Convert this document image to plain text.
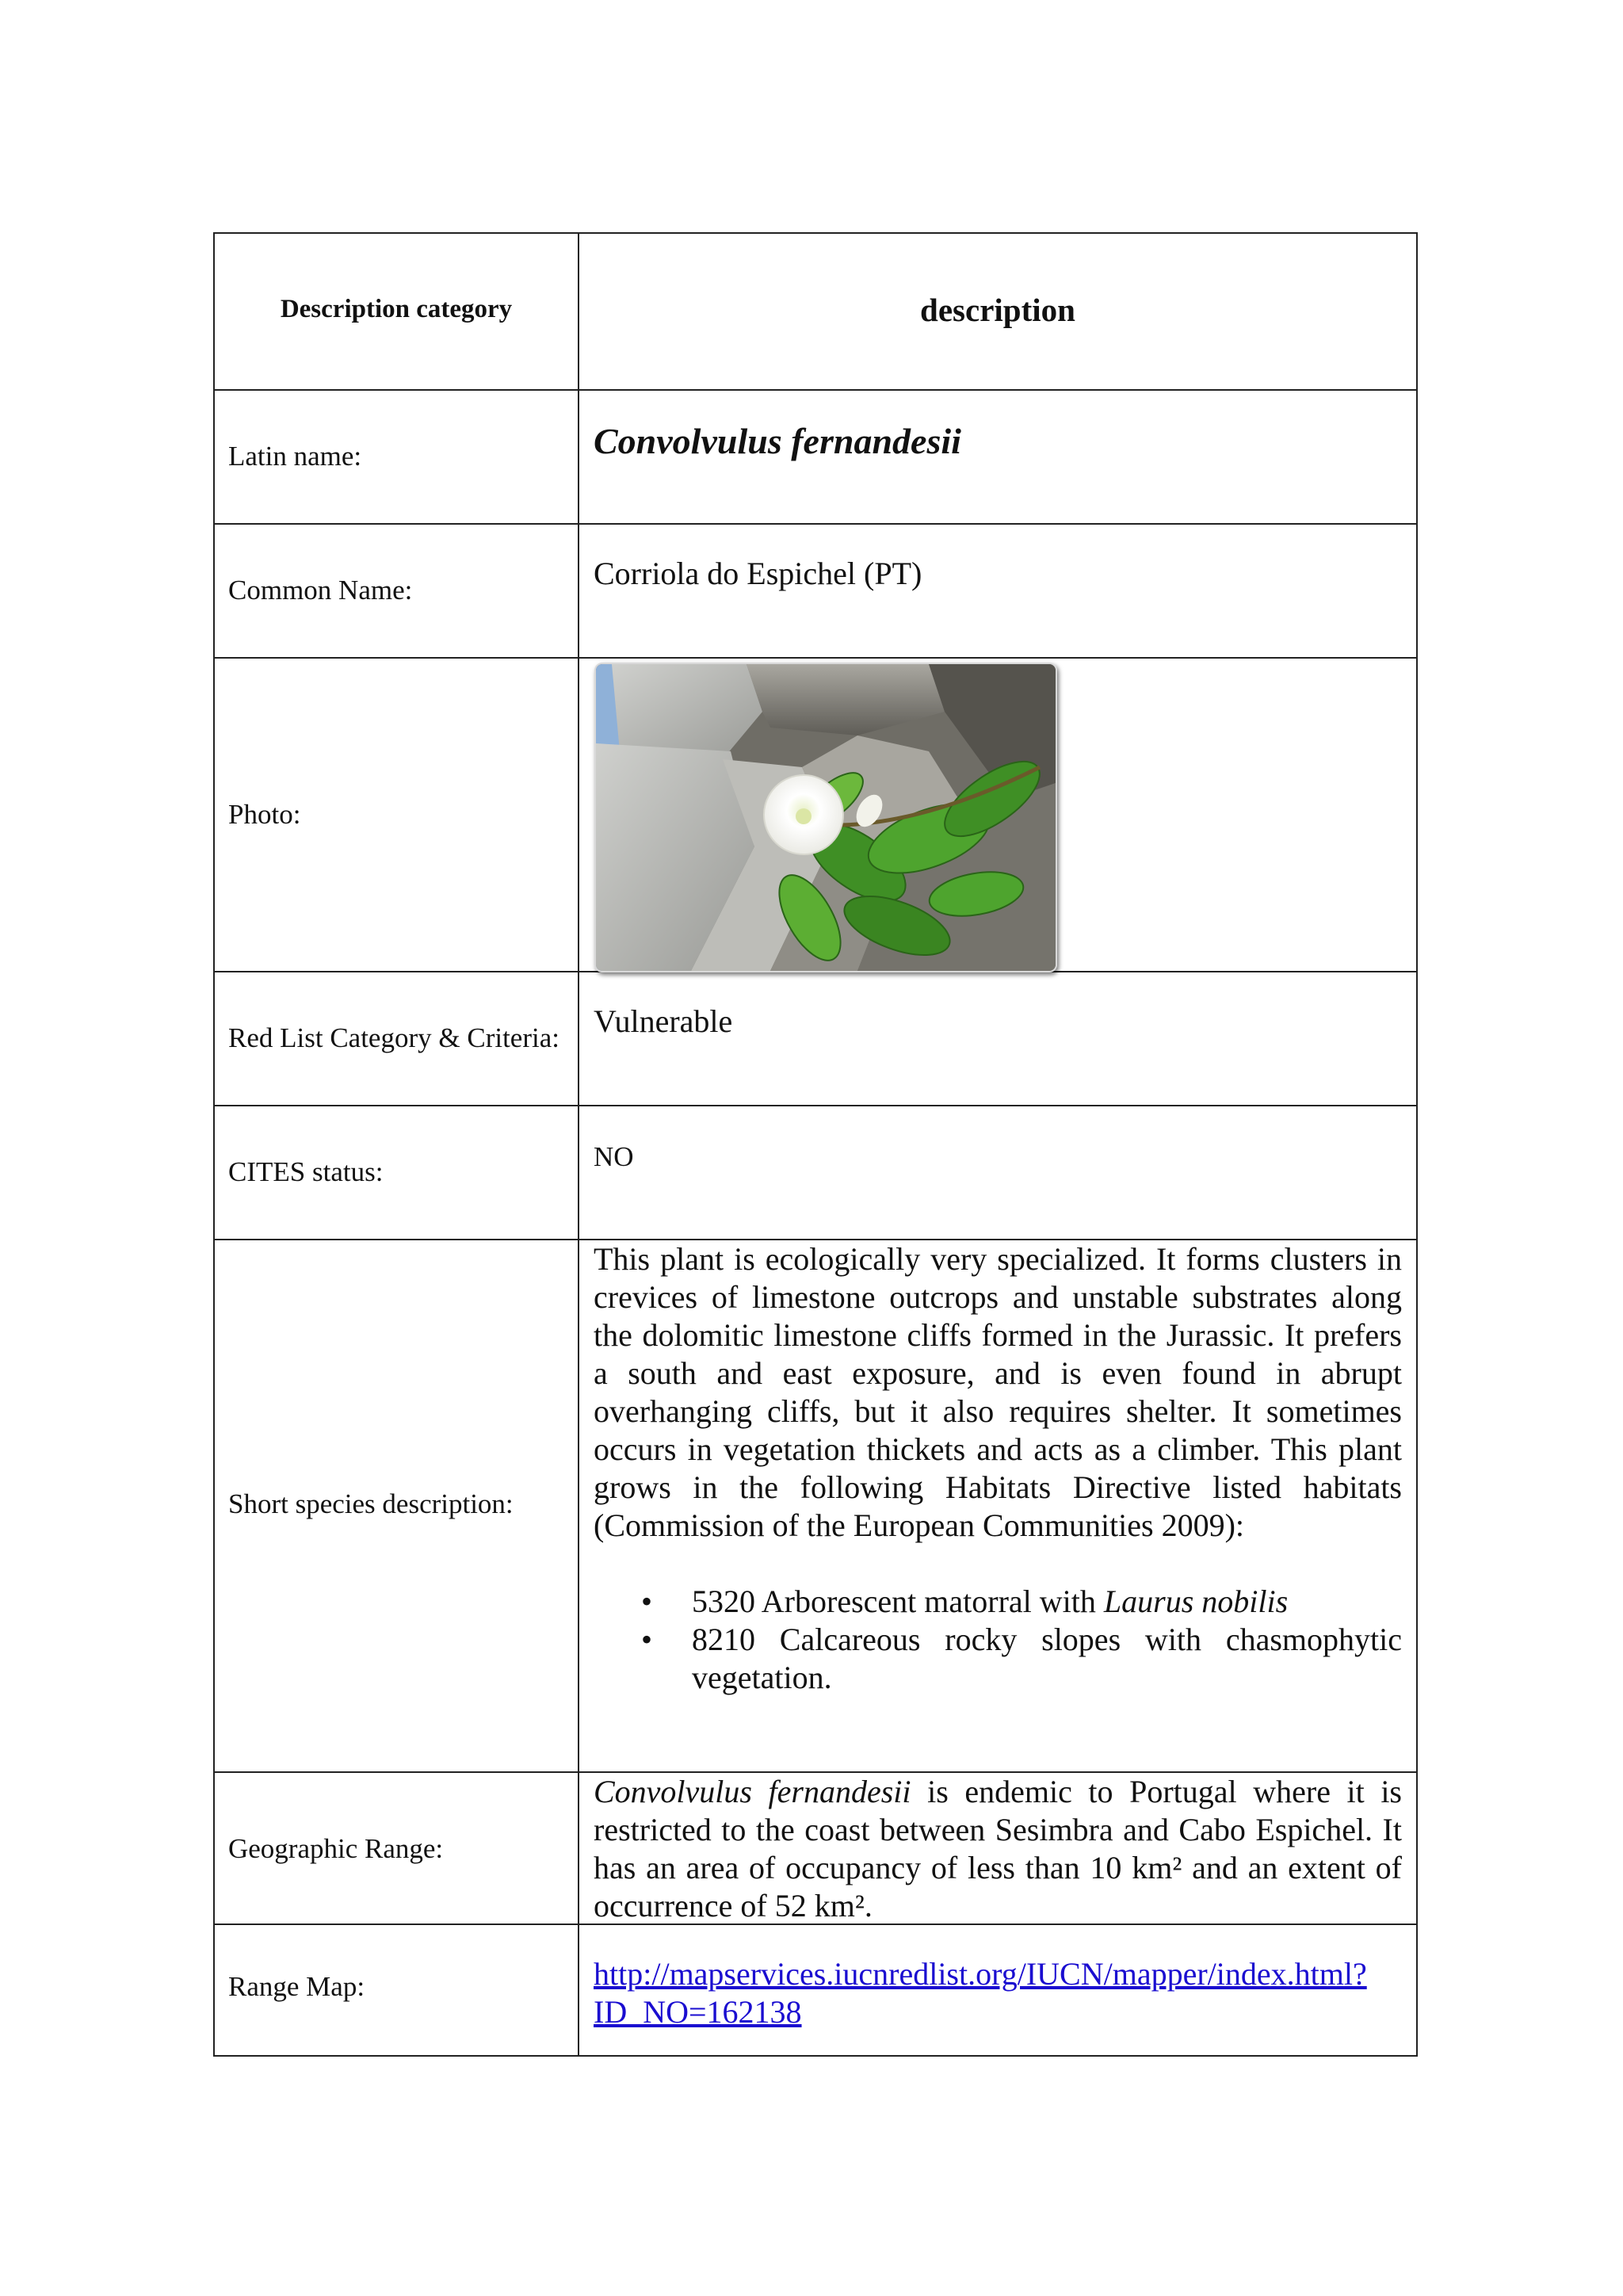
Description category	description
Latin name:	Convolvulus fernandesii
Common Name:	Corriola do Espichel (PT)
Photo:
Red List Category & Criteria: Vulnerable
CITES status:	NO
Short species description:
This plant is ecologically very specialized. It forms clusters in crevices of limestone outcrops and unstable substrates along the dolomitic limestone cliffs formed in the Jurassic. It prefers a south and east exposure, and is even found in abrupt overhanging cliffs, but it also requires shelter. It sometimes occurs in vegetation thickets and acts as a climber. This plant grows in the following Habitats Directive listed habitats (Commission of the European Communities 2009):
• 5320 Arborescent matorral with Laurus nobilis
• 8210 Calcareous rocky slopes with chasmophytic vegetation.
Geographic Range:
Convolvulus fernandesii is endemic to Portugal where it is restricted to the coast between Sesimbra and Cabo Espichel. It has an area of occupancy of less than 10 km² and an extent of occurrence of 52 km².
Range Map:	http://mapservices.iucnredlist.org/IUCN/mapper/index.html?
ID_NO=162138
